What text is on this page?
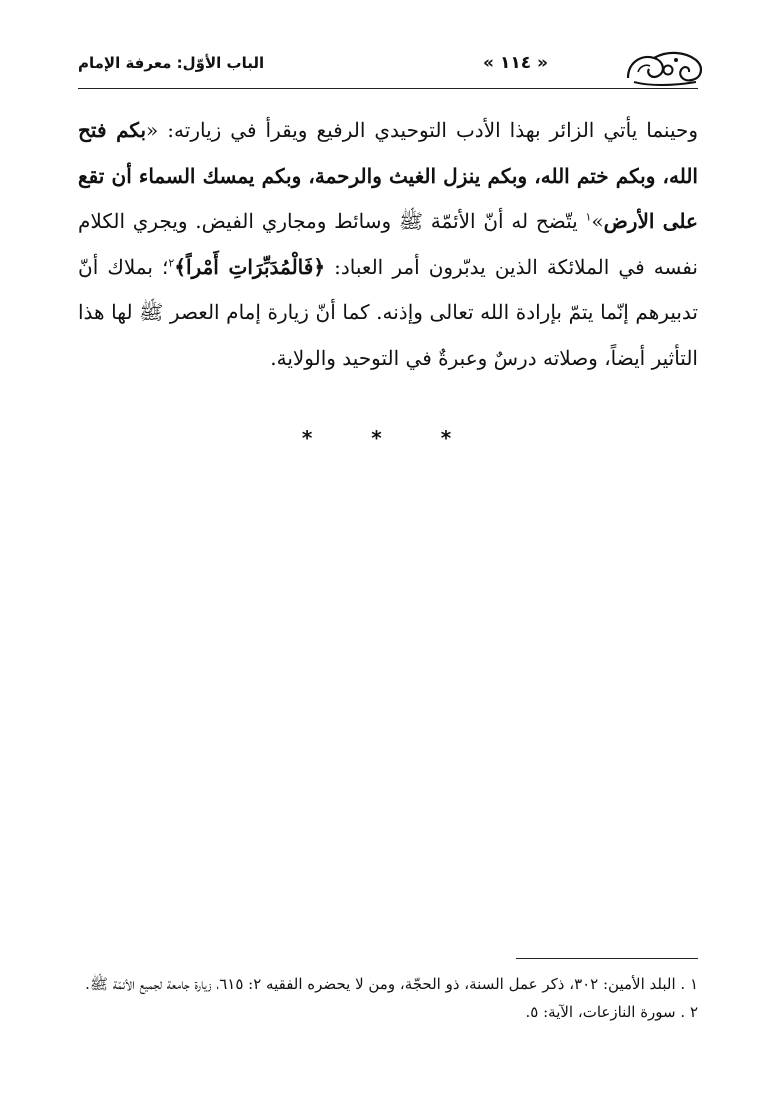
« ١١٤ »
الباب الأوّل: معرفة الإمام

وحينما يأتي الزائر بهذا الأدب التوحيدي الرفيع ويقرأ في زيارته: «بكم فتح الله، وبكم ختم الله، وبكم ينزل الغيث والرحمة، وبكم يمسك السماء أن تقع على الأرض»$^١$ يتّضح له أنّ الأئمّة ﷺ وسائط ومجاري الفيض. ويجري الكلام نفسه في الملائكة الذين يدبّرون أمر العباد: ﴿فَالْمُدَبِّرَاتِ أَمْراً﴾$^٢$؛ بملاك أنّ تدبيرهم إنّما يتمّ بإرادة الله تعالى وإذنه. كما أنّ زيارة إمام العصر ﷺ لها هذا التأثير أيضاً، وصلاته درسٌ وعبرةٌ في التوحيد والولاية.

* * *

١ . البلد الأمين: ٣٠٢، ذكر عمل السنة، ذو الحجّة، ومن لا يحضره الفقيه ٢: ٦١٥، زيارة جامعة لجميع الأئمّة ﷺ.

٢ . سورة النازعات، الآية: ٥.
